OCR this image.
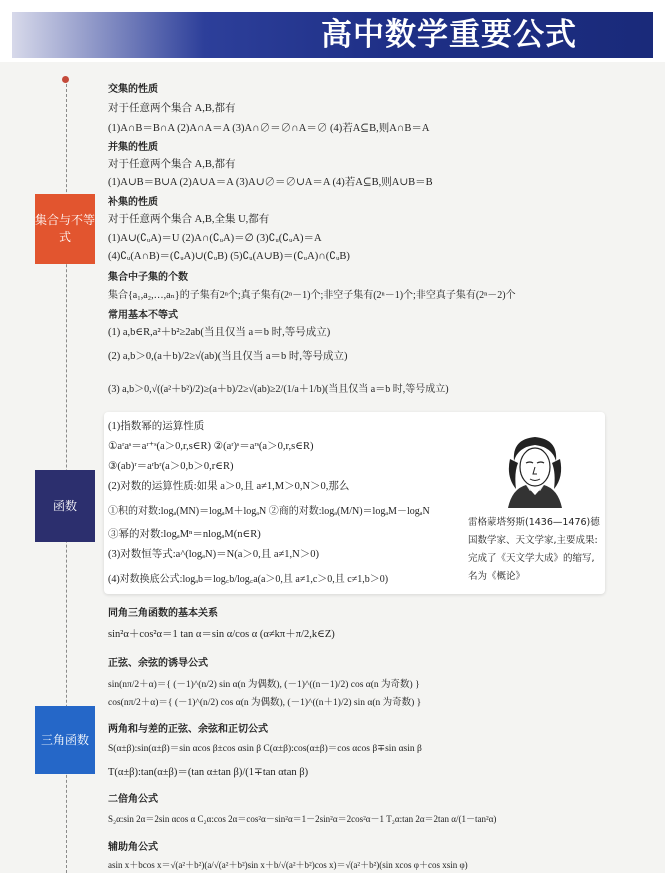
高中数学重要公式
集合与不等式
函数
三角函数
交集的性质
对于任意两个集合 A,B,都有
(1)A∩B＝B∩A (2)A∩A＝A (3)A∩∅＝∅∩A＝∅ (4)若A⊆B,则A∩B＝A
并集的性质
对于任意两个集合 A,B,都有
(1)A∪B＝B∪A (2)A∪A＝A (3)A∪∅＝∅∪A＝A (4)若A⊆B,则A∪B＝B
补集的性质
对于任意两个集合 A,B,全集 U,都有
(1)A∪(∁ᵤA)＝U (2)A∩(∁ᵤA)＝∅ (3)∁ᵤ(∁ᵤA)＝A
(4)∁ᵤ(A∩B)＝(∁ᵤA)∪(∁ᵤB) (5)∁ᵤ(A∪B)＝(∁ᵤA)∩(∁ᵤB)
集合中子集的个数
集合{a₁,a₂,…,aₙ}的子集有2ⁿ个;真子集有(2ⁿ－1)个;非空子集有(2ⁿ－1)个;非空真子集有(2ⁿ－2)个
常用基本不等式
(1) a,b∈R,a²＋b²≥2ab(当且仅当 a＝b 时,等号成立)
(2) a,b＞0,(a＋b)/2≥√(ab)(当且仅当 a＝b 时,等号成立)
(3) a,b＞0,√((a²＋b²)/2)≥(a＋b)/2≥√(ab)≥2/(1/a＋1/b)(当且仅当 a＝b 时,等号成立)
(1)指数幂的运算性质
①aʳaˢ＝aʳ⁺ˢ(a＞0,r,s∈R) ②(aʳ)ˢ＝aʳˢ(a＞0,r,s∈R)
③(ab)ʳ＝aʳbʳ(a＞0,b＞0,r∈R)
(2)对数的运算性质:如果 a＞0,且 a≠1,M＞0,N＞0,那么
①积的对数:logₐ(MN)＝logₐM＋logₐN ②商的对数:logₐ(M/N)＝logₐM－logₐN
③幂的对数:logₐMⁿ＝nlogₐM(n∈R)
(3)对数恒等式:a^(logₐN)＝N(a＞0,且 a≠1,N＞0)
(4)对数换底公式:logₐb＝log꜀b/log꜀a(a＞0,且 a≠1,c＞0,且 c≠1,b＞0)
雷格蒙塔努斯(1436—1476)德国数学家、天文学家,主要成果:完成了《天文学大成》的缩写,名为《概论》
同角三角函数的基本关系
sin²α＋cos²α＝1 tan α＝sin α/cos α (α≠kπ＋π/2,k∈Z)
正弦、余弦的诱导公式
sin(nπ/2＋α)＝{ (－1)^(n/2) sin α(n 为偶数), (－1)^((n－1)/2) cos α(n 为奇数) }
cos(nπ/2＋α)＝{ (－1)^(n/2) cos α(n 为偶数), (－1)^((n＋1)/2) sin α(n 为奇数) }
两角和与差的正弦、余弦和正切公式
S(α±β):sin(α±β)＝sin αcos β±cos αsin β C(α±β):cos(α±β)＝cos αcos β∓sin αsin β
T(α±β):tan(α±β)＝(tan α±tan β)/(1∓tan αtan β)
二倍角公式
S₂α:sin 2α＝2sin αcos α C₂α:cos 2α＝cos²α－sin²α＝1－2sin²α＝2cos²α－1 T₂α:tan 2α＝2tan α/(1－tan²α)
辅助角公式
asin x＋bcos x＝√(a²＋b²)(a/√(a²＋b²)sin x＋b/√(a²＋b²)cos x)＝√(a²＋b²)(sin xcos φ＋cos xsin φ)
